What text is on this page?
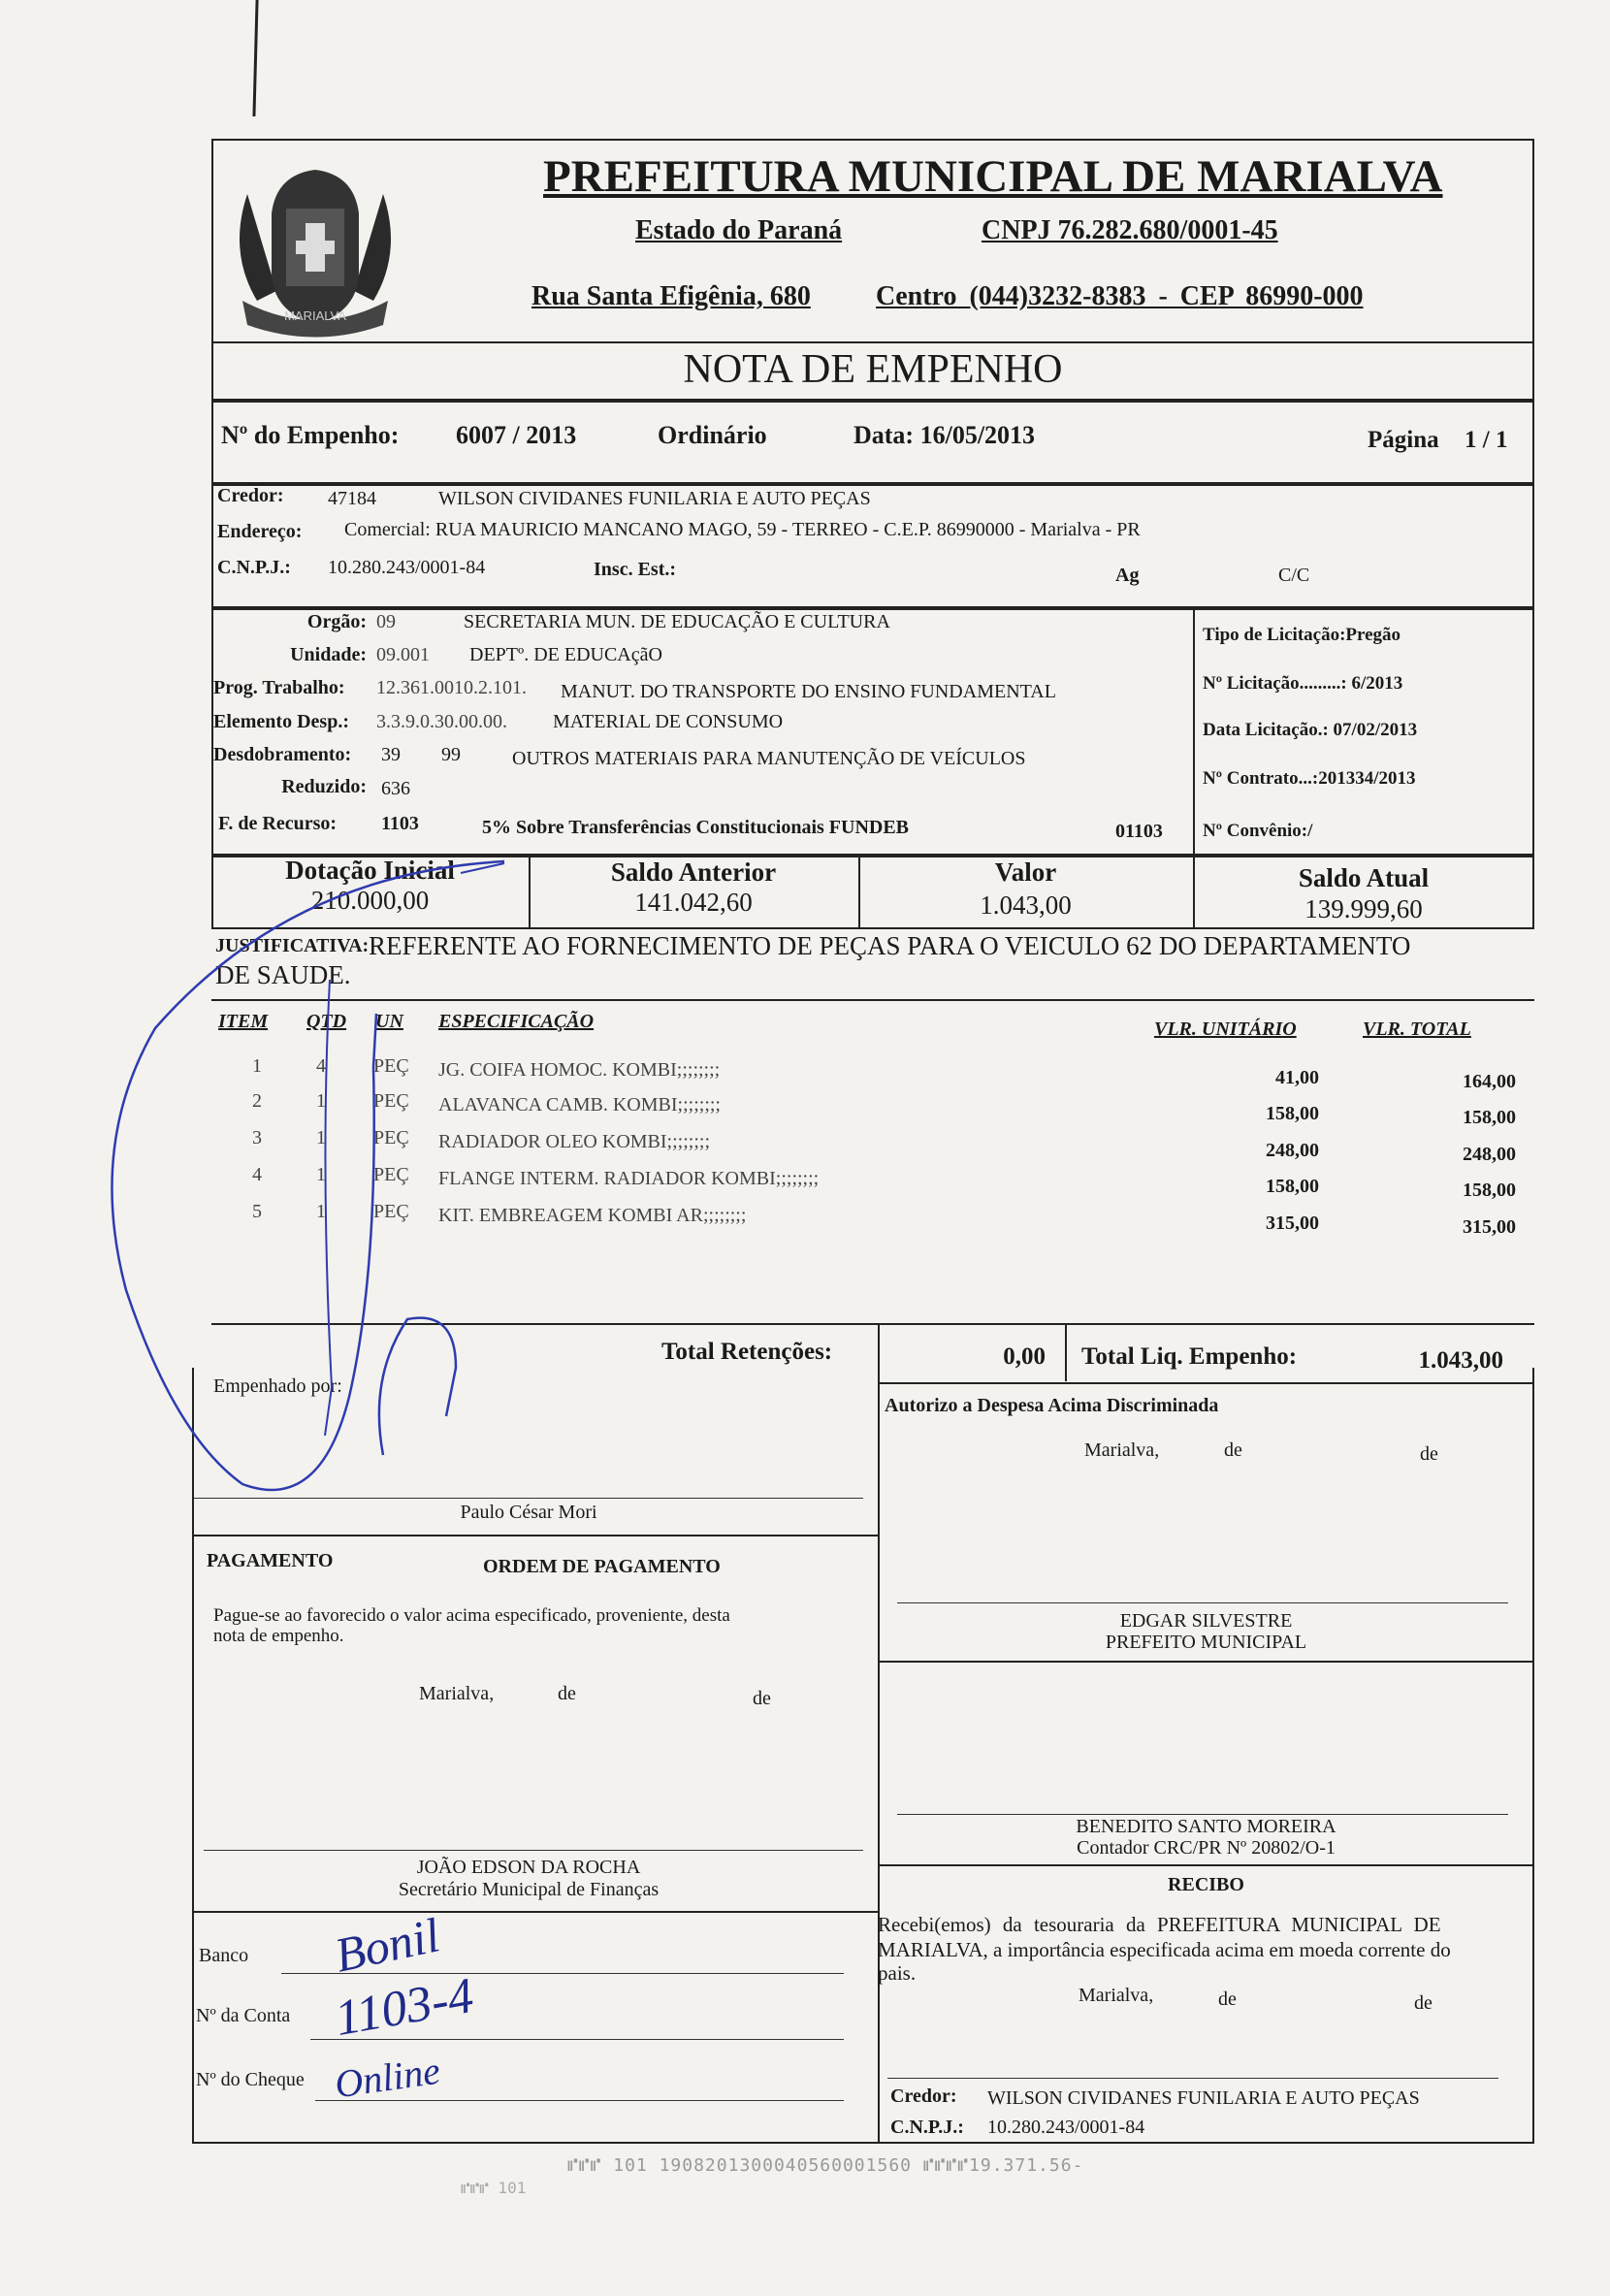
MARIALVA
PREFEITURA MUNICIPAL DE MARIALVA
Estado do Paraná	CNPJ 76.282.680/0001-45
Rua Santa Efigênia, 680 Centro (044)3232-8383 - CEP 86990-000
NOTA DE EMPENHO
Nº do Empenho: 6007 / 2013	Ordinário	Data: 16/05/2013	Página 1 / 1
Credor: 47184	WILSON CIVIDANES FUNILARIA E AUTO PEÇAS
Endereço: Comercial: RUA MAURICIO MANCANO MAGO, 59 - TERREO - C.E.P. 86990000 - Marialva - PR
C.N.P.J.: 10.280.243/0001-84	Insc. Est.:	Ag	C/C
Orgão: 09	SECRETARIA MUN. DE EDUCAÇÃO E CULTURA
Unidade: 09.001 DEPTº. DE EDUCAçãO
Prog. Trabalho: 12.361.0010.2.101. MANUT. DO TRANSPORTE DO ENSINO FUNDAMENTAL
Elemento Desp.: 3.3.9.0.30.00.00. MATERIAL DE CONSUMO
Desdobramento: 39 99	OUTROS MATERIAIS PARA MANUTENÇÃO DE VEÍCULOS
Reduzido: 636
F. de Recurso: 1103	5% Sobre Transferências Constitucionais FUNDEB	01103
Tipo de Licitação:Pregão
Nº Licitação.........: 6/2013
Data Licitação.: 07/02/2013
Nº Contrato...:201334/2013
Nº Convênio:/
Dotação Inicial
210.000,00
Saldo Anterior
141.042,60
Valor
1.043,00
Saldo Atual
139.999,60
JUSTIFICATIVA: REFERENTE AO FORNECIMENTO DE PEÇAS PARA O VEICULO 62 DO DEPARTAMENTO
DE SAUDE.
ITEM QTD UN ESPECIFICAÇÃO	VLR. UNITÁRIO	VLR. TOTAL
1	4 PEÇ JG. COIFA HOMOC. KOMBI;;;;;;;;	41,00	164,00
2	1 PEÇ ALAVANCA CAMB. KOMBI;;;;;;;;	158,00	158,00
3	1 PEÇ RADIADOR OLEO KOMBI;;;;;;;;	248,00	248,00
4	1 PEÇ FLANGE INTERM. RADIADOR KOMBI;;;;;;;;	158,00	158,00
5	1 PEÇ KIT. EMBREAGEM KOMBI AR;;;;;;;;	315,00	315,00
Total Retenções:	0,00 Total Liq. Empenho:	1.043,00
Empenhado por:
Autorizo a Despesa Acima Discriminada
Marialva,	de	de
Paulo César Mori
PAGAMENTO	ORDEM DE PAGAMENTO
Pague-se ao favorecido o valor acima especificado, proveniente, desta
nota de empenho.
Marialva,	de	de
EDGAR SILVESTRE
PREFEITO MUNICIPAL
BENEDITO SANTO MOREIRA
Contador CRC/PR Nº 20802/O-1
JOÃO EDSON DA ROCHA
Secretário Municipal de Finanças
Banco Bonil
Nº da Conta 1103-4
Nº do Cheque Online
RECIBO
Recebi(emos) da tesouraria da PREFEITURA MUNICIPAL DE
MARIALVA, a importância especificada acima em moeda corrente do
pais.
Marialva,	de	de
Credor: WILSON CIVIDANES FUNILARIA E AUTO PEÇAS
C.N.P.J.: 10.280.243/0001-84
⑈⑈⑈ 101 1908201300040560001560 ⑈⑈⑈⑈19.371.56-
⑈⑈⑈ 101
